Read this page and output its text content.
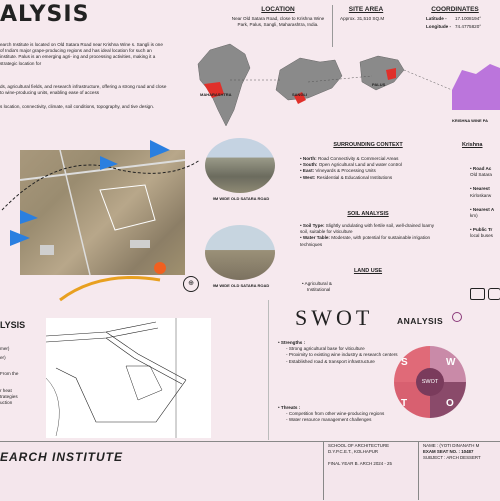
ALYSIS
earch Institute is located on Old Satara Road near Krishna Wine s. Sangli is one of India's major grape-producing regions and has ideal location for such an institute. Palus is an emerging agri- ing and processing activities, making it a strategic location for
ds, agricultural fields, and research infrastructure, offering a strong road and close to wine-producing units, enabling ease of access
s location, connectivity, climate, soil conditions, topography, and tive design.
LOCATION
Near Old Satara Road, close to Krishna Wine Park, Palus, Sangli, Maharashtra, India.
SITE AREA
Approx. 31,510 SQ.M
COORDINATES
Latitude - 17.1008194°
Longitude - 74.4775820°
MAHARASHTRA	SANGLI
PALUS
KRISHNA WINE PA
⊕
9M WIDE OLD SATARA ROAD
9M WIDE OLD SATARA ROAD
SURROUNDING CONTEXT
• North: Road Connectivity & Commercial Areas
• South: Open Agricultural Land and water control
• East: Vineyards & Processing Units
• West: Residential & Educational Institutions
SOIL ANALYSIS
• Soil Type: Slightly undulating with fertile soil, well-drained loamy soil, suitable for viticulture
• Water Table: Moderate, with potential for sustainable irrigation techniques
LAND USE
• Agricultural &
Institutional
Krishna
• Road Ac
Old Satara
• Nearest
Kirloskarw
• Nearest A
km)
• Public Tr
local buses
SWOT	ANALYSIS
• Strengths :
- Strong agricultural base for viticulture
- Proximity to existing wine industry & research centers
- Established road & transport infrastructure
• Threats :
- Competition from other wine-producing regions
- Water resource management challenges
S	W
O
T
SWOT
LYSIS
mer)
er)
From the
r heat
trategies
uction
EARCH INSTITUTE
SCHOOL OF ARCHITECTURE
D.Y.P.C.E.T., KOLHAPUR
FINAL YEAR B. ARCH 2024 - 25
NAME : (YOTI DINANATH M
EXAM SEAT NO. : 10487
SUBJECT : ARCH DESSERT
